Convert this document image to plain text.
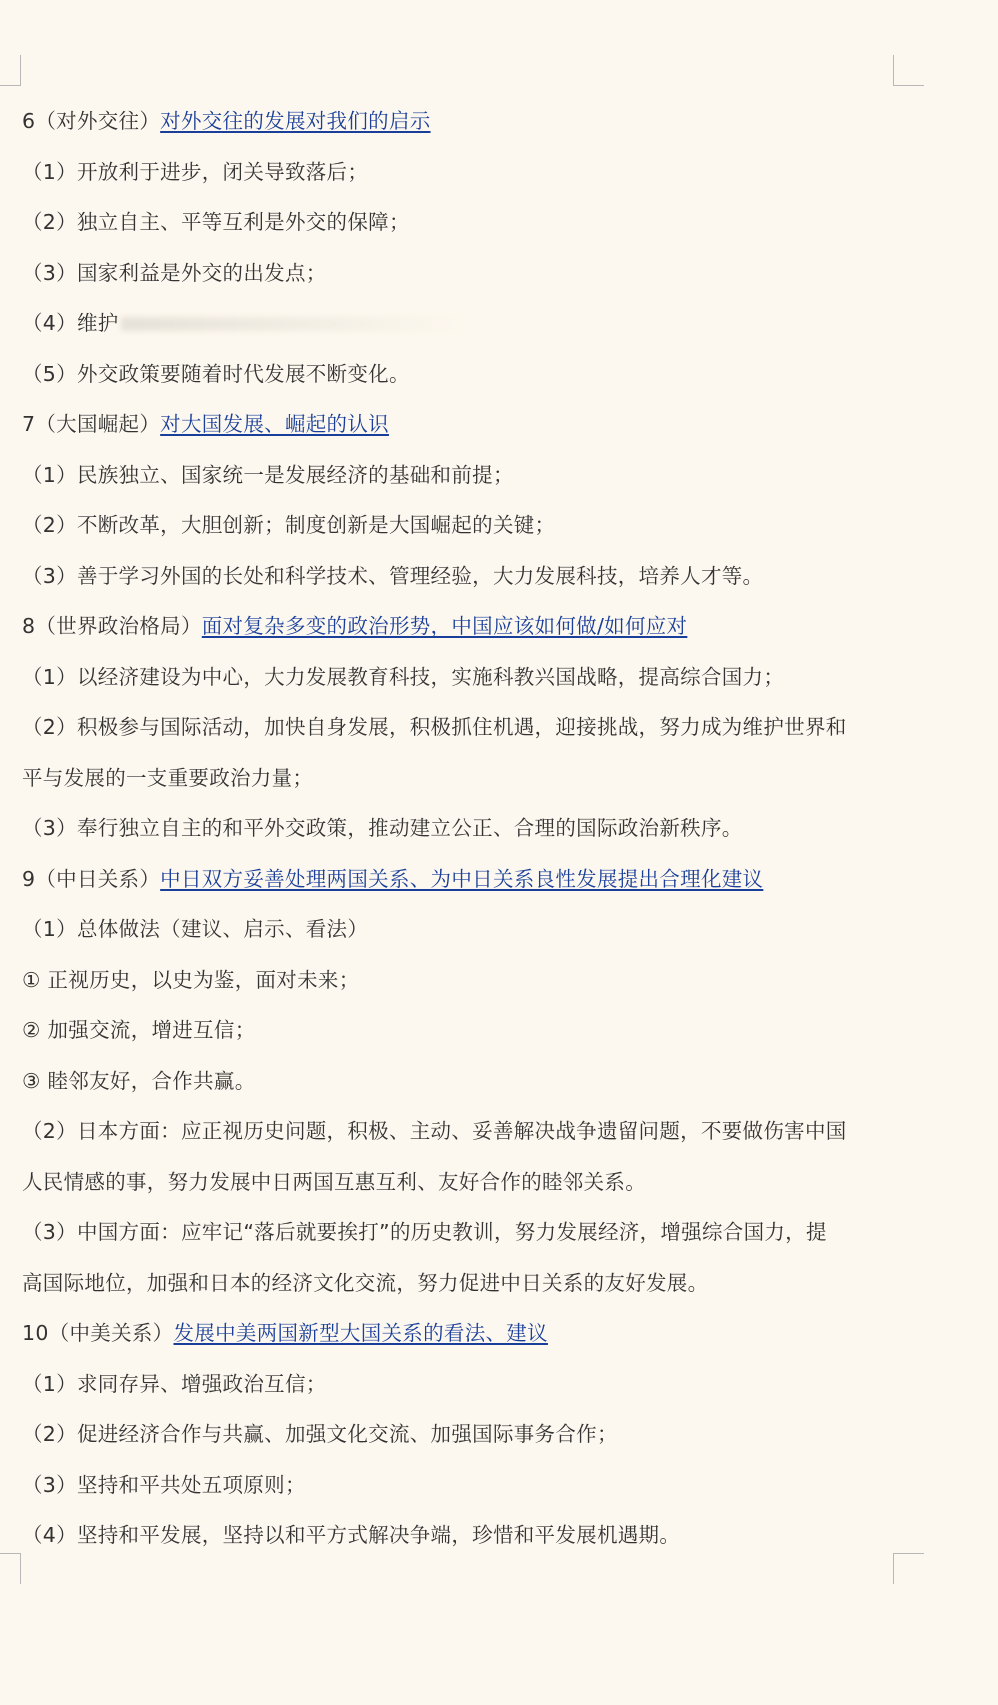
6（对外交往）对外交往的发展对我们的启示
（1）开放利于进步，闭关导致落后；
（2）独立自主、平等互利是外交的保障；
（3）国家利益是外交的出发点；
（4）维护
（5）外交政策要随着时代发展不断变化。
7（大国崛起）对大国发展、崛起的认识
（1）民族独立、国家统一是发展经济的基础和前提；
（2）不断改革，大胆创新；制度创新是大国崛起的关键；
（3）善于学习外国的长处和科学技术、管理经验，大力发展科技，培养人才等。
8（世界政治格局）面对复杂多变的政治形势，中国应该如何做/如何应对
（1）以经济建设为中心，大力发展教育科技，实施科教兴国战略，提高综合国力；
（2）积极参与国际活动，加快自身发展，积极抓住机遇，迎接挑战，努力成为维护世界和
平与发展的一支重要政治力量；
（3）奉行独立自主的和平外交政策，推动建立公正、合理的国际政治新秩序。
9（中日关系）中日双方妥善处理两国关系、为中日关系良性发展提出合理化建议
（1）总体做法（建议、启示、看法）
① 正视历史，以史为鉴，面对未来；
② 加强交流，增进互信；
③ 睦邻友好，合作共赢。
（2）日本方面：应正视历史问题，积极、主动、妥善解决战争遗留问题，不要做伤害中国
人民情感的事，努力发展中日两国互惠互利、友好合作的睦邻关系。
（3）中国方面：应牢记“落后就要挨打”的历史教训，努力发展经济，增强综合国力，提
高国际地位，加强和日本的经济文化交流，努力促进中日关系的友好发展。
10（中美关系）发展中美两国新型大国关系的看法、建议
（1）求同存异、增强政治互信；
（2）促进经济合作与共赢、加强文化交流、加强国际事务合作；
（3）坚持和平共处五项原则；
（4）坚持和平发展，坚持以和平方式解决争端，珍惜和平发展机遇期。
